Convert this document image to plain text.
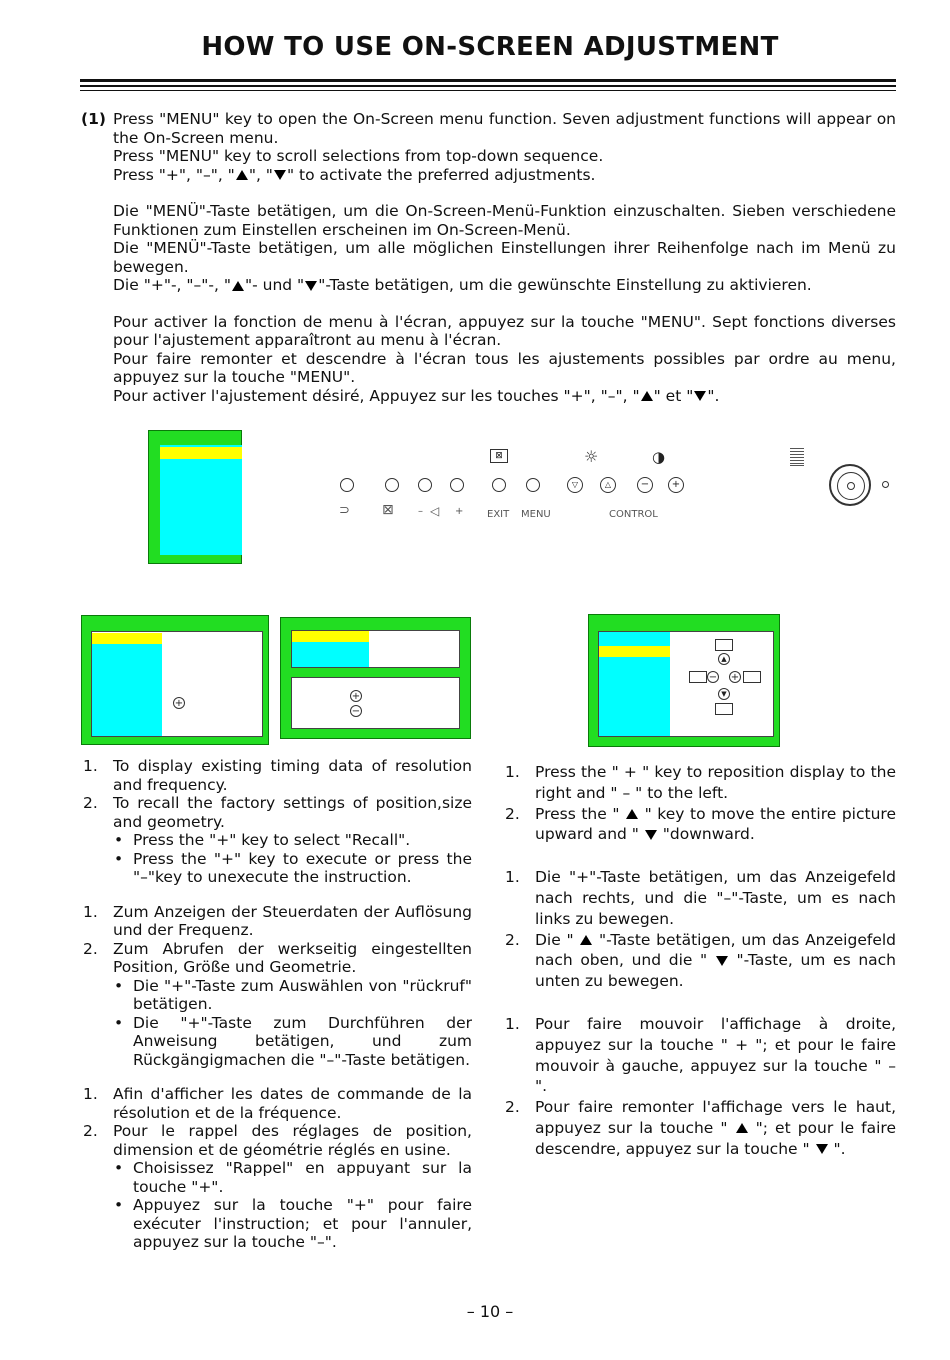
HOW TO USE ON-SCREEN ADJUSTMENT
(1) Press "MENU" key to open the On-Screen menu function. Seven adjustment functions will appear on the On-Screen menu.
Press "MENU" key to scroll selections from top-down sequence.
Press "+", "–", " ", " " to activate the preferred adjustments.
Die "MENÜ"-Taste betätigen, um die On-Screen-Menü-Funktion einzuschalten. Sieben verschiedene Funktionen zum Einstellen erscheinen im On-Screen-Menü.
Die "MENÜ"-Taste betätigen, um alle möglichen Einstellungen ihrer Reihenfolge nach im Menü zu bewegen.
Die "+"-, "–"-, " "- und " "-Taste betätigen, um die gewünschte Einstellung zu aktivieren.
Pour activer la fonction de menu à l'écran, appuyez sur la touche "MENU". Sept fonctions diverses pour l'ajustement apparaîtront au menu à l'écran.
Pour faire remonter et descendre à l'écran tous les ajustements possibles par ordre au menu, appuyez sur la touche "MENU".
Pour activer l'ajustement désiré, Appuyez sur les touches "+", "–", " " et " ".
⊠	☼	◑
▽	△	−	+
⊃ ⊠ – ◁ + EXIT MENU	CONTROL
+
+
−
▲
− +
▼
1. To display existing timing data of resolution and frequency.
2. To recall the factory settings of position,size and geometry.
• Press the "+" key to select "Recall".
• Press the "+" key to execute or press the "–"key to unexecute the instruction.
1. Zum Anzeigen der Steuerdaten der Auflösung und der Frequenz.
2. Zum Abrufen der werkseitig eingestellten Position, Größe und Geometrie.
• Die "+"-Taste zum Auswählen von "rückruf" betätigen.
• Die "+"-Taste zum Durchführen der Anweisung betätigen, und zum Rückgängigmachen die "–"-Taste betätigen.
1. Afin d'afficher les dates de commande de la résolution et de la fréquence.
2. Pour le rappel des réglages de position, dimension et de géométrie réglés en usine.
• Choisissez "Rappel" en appuyant sur la touche "+".
• Appuyez sur la touche "+" pour faire exécuter l'instruction; et pour l'annuler, appuyez sur la touche "–".
1. Press the " + " key to reposition display to the right and " – " to the left.
2. Press the "  " key to move the entire picture upward and "  "downward.
1. Die "+"-Taste betätigen, um das Anzeigefeld nach rechts, und die "–"-Taste, um es nach links zu bewegen.
2. Die "  "-Taste betätigen, um das Anzeigefeld nach oben, und die "  "-Taste, um es nach unten zu bewegen.
1. Pour faire mouvoir l'affichage à droite, appuyez sur la touche " + "; et pour le faire mouvoir à gauche, appuyez sur la touche " – ".
2. Pour faire remonter l'affichage vers le haut, appuyez sur la touche "  "; et pour le faire descendre, appuyez sur la touche "  ".
– 10 –
